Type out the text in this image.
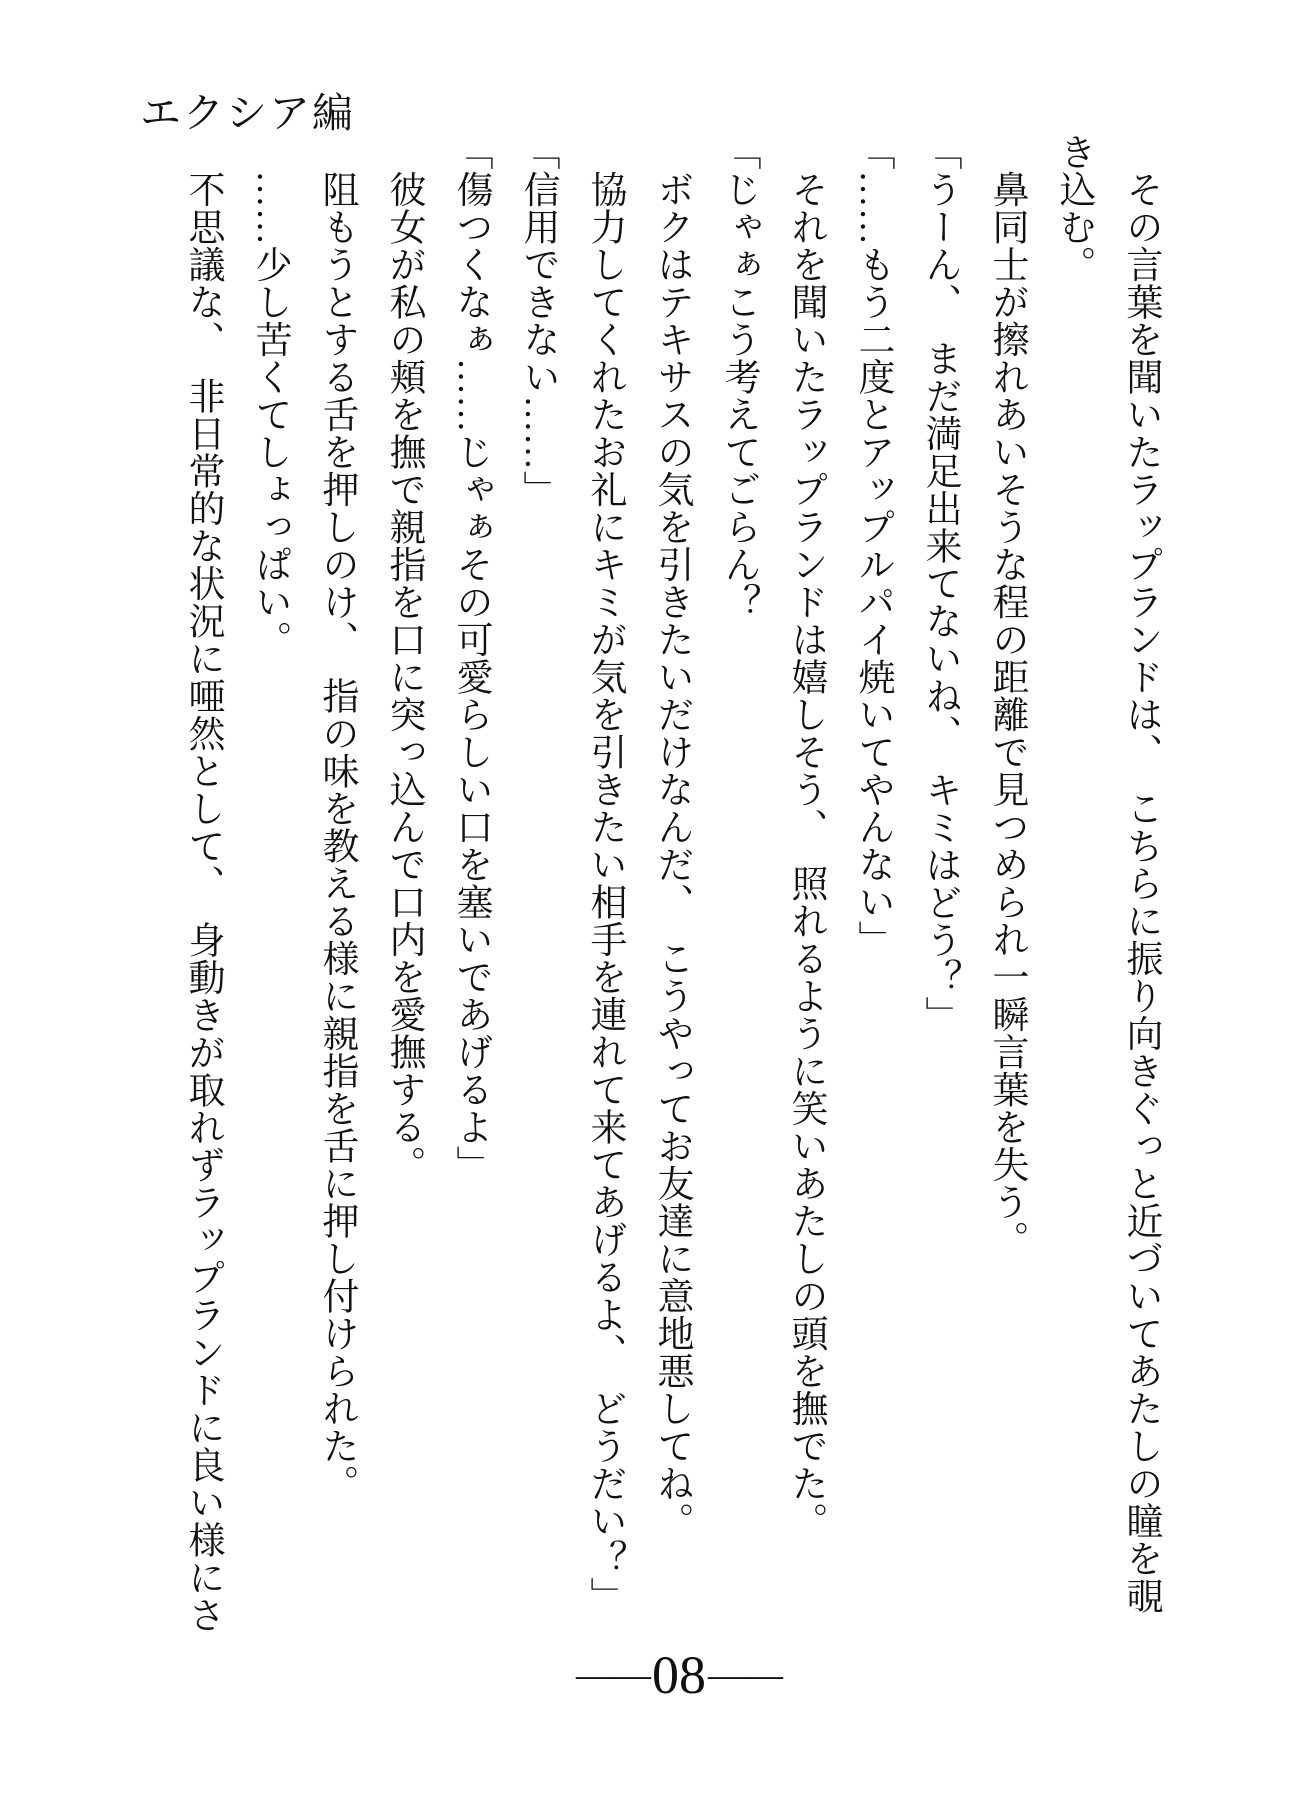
エクシア編

　その言葉を聞いたラップランドは、　こちらに振り向きぐっと近づいてあたしの瞳を覗

き込む。

　鼻同士が擦れあいそうな程の距離で見つめられ一瞬言葉を失う。

「うーん、　まだ満足出来てないね、　キミはどう？」

「……もう二度とアップルパイ焼いてやんない」

　それを聞いたラップランドは嬉しそう、　照れるように笑いあたしの頭を撫でた。

「じゃぁこう考えてごらん？

　ボクはテキサスの気を引きたいだけなんだ、　こうやってお友達に意地悪してね。

　協力してくれたお礼にキミが気を引きたい相手を連れて来てあげるよ、　どうだい？」

「信用できない……」

「傷つくなぁ……じゃぁその可愛らしい口を塞いであげるよ」

　彼女が私の頬を撫で親指を口に突っ込んで口内を愛撫する。

　阻もうとする舌を押しのけ、　指の味を教える様に親指を舌に押し付けられた。

　……少し苦くてしょっぱい。

　不思議な、　非日常的な状況に唖然として、　身動きが取れずラップランドに良い様にさ

―― 08 ――
